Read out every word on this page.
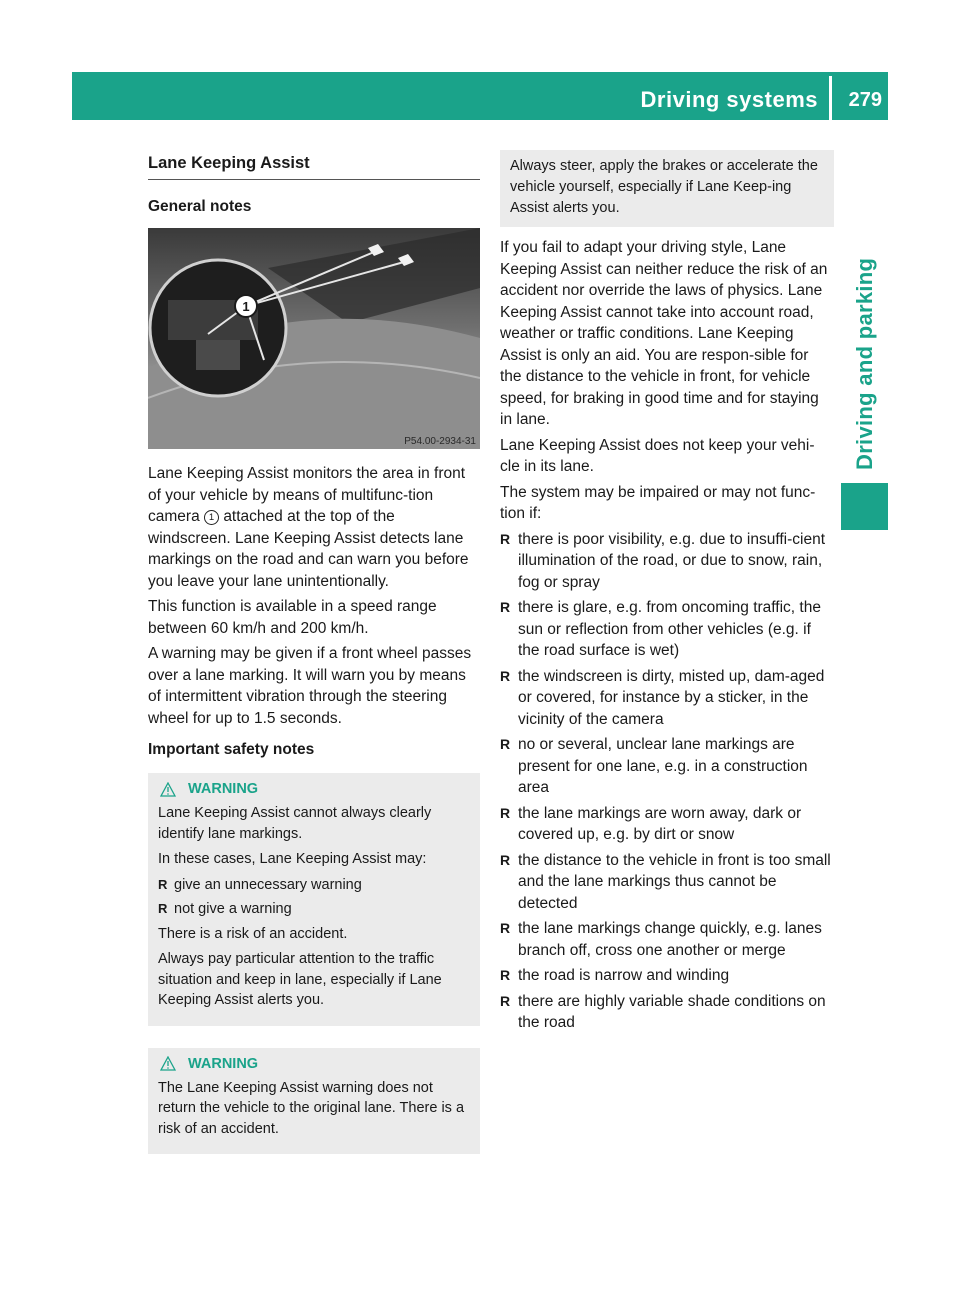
Driving systems 279
Driving and parking
Lane Keeping Assist
General notes
1
P54.00-2934-31

Lane Keeping Assist monitors the area in front of your vehicle by means of multifunc-tion camera 1 attached at the top of the windscreen. Lane Keeping Assist detects lane markings on the road and can warn you before you leave your lane unintentionally.

This function is available in a speed range between 60 km/h and 200 km/h.

A warning may be given if a front wheel passes over a lane marking. It will warn you by means of intermittent vibration through the steering wheel for up to 1.5 seconds.

Important safety notes
WARNING

Lane Keeping Assist cannot always clearly identify lane markings.

In these cases, Lane Keeping Assist may:

R give an unnecessary warning
R not give a warning

There is a risk of an accident.

Always pay particular attention to the traffic situation and keep in lane, especially if Lane Keeping Assist alerts you.

WARNING

The Lane Keeping Assist warning does not return the vehicle to the original lane. There is a risk of an accident.

Always steer, apply the brakes or accelerate the vehicle yourself, especially if Lane Keep-ing Assist alerts you.

If you fail to adapt your driving style, Lane Keeping Assist can neither reduce the risk of an accident nor override the laws of physics. Lane Keeping Assist cannot take into account road, weather or traffic conditions. Lane Keeping Assist is only an aid. You are respon-sible for the distance to the vehicle in front, for vehicle speed, for braking in good time and for staying in lane.

Lane Keeping Assist does not keep your vehi-cle in its lane.

The system may be impaired or may not func-tion if:

R there is poor visibility, e.g. due to insuffi-cient illumination of the road, or due to snow, rain, fog or spray
R there is glare, e.g. from oncoming traffic, the sun or reflection from other vehicles (e.g. if the road surface is wet)
R the windscreen is dirty, misted up, dam-aged or covered, for instance by a sticker, in the vicinity of the camera
R no or several, unclear lane markings are present for one lane, e.g. in a construction area
R the lane markings are worn away, dark or covered up, e.g. by dirt or snow
R the distance to the vehicle in front is too small and the lane markings thus cannot be detected
R the lane markings change quickly, e.g. lanes branch off, cross one another or merge
R the road is narrow and winding
R there are highly variable shade conditions on the road
